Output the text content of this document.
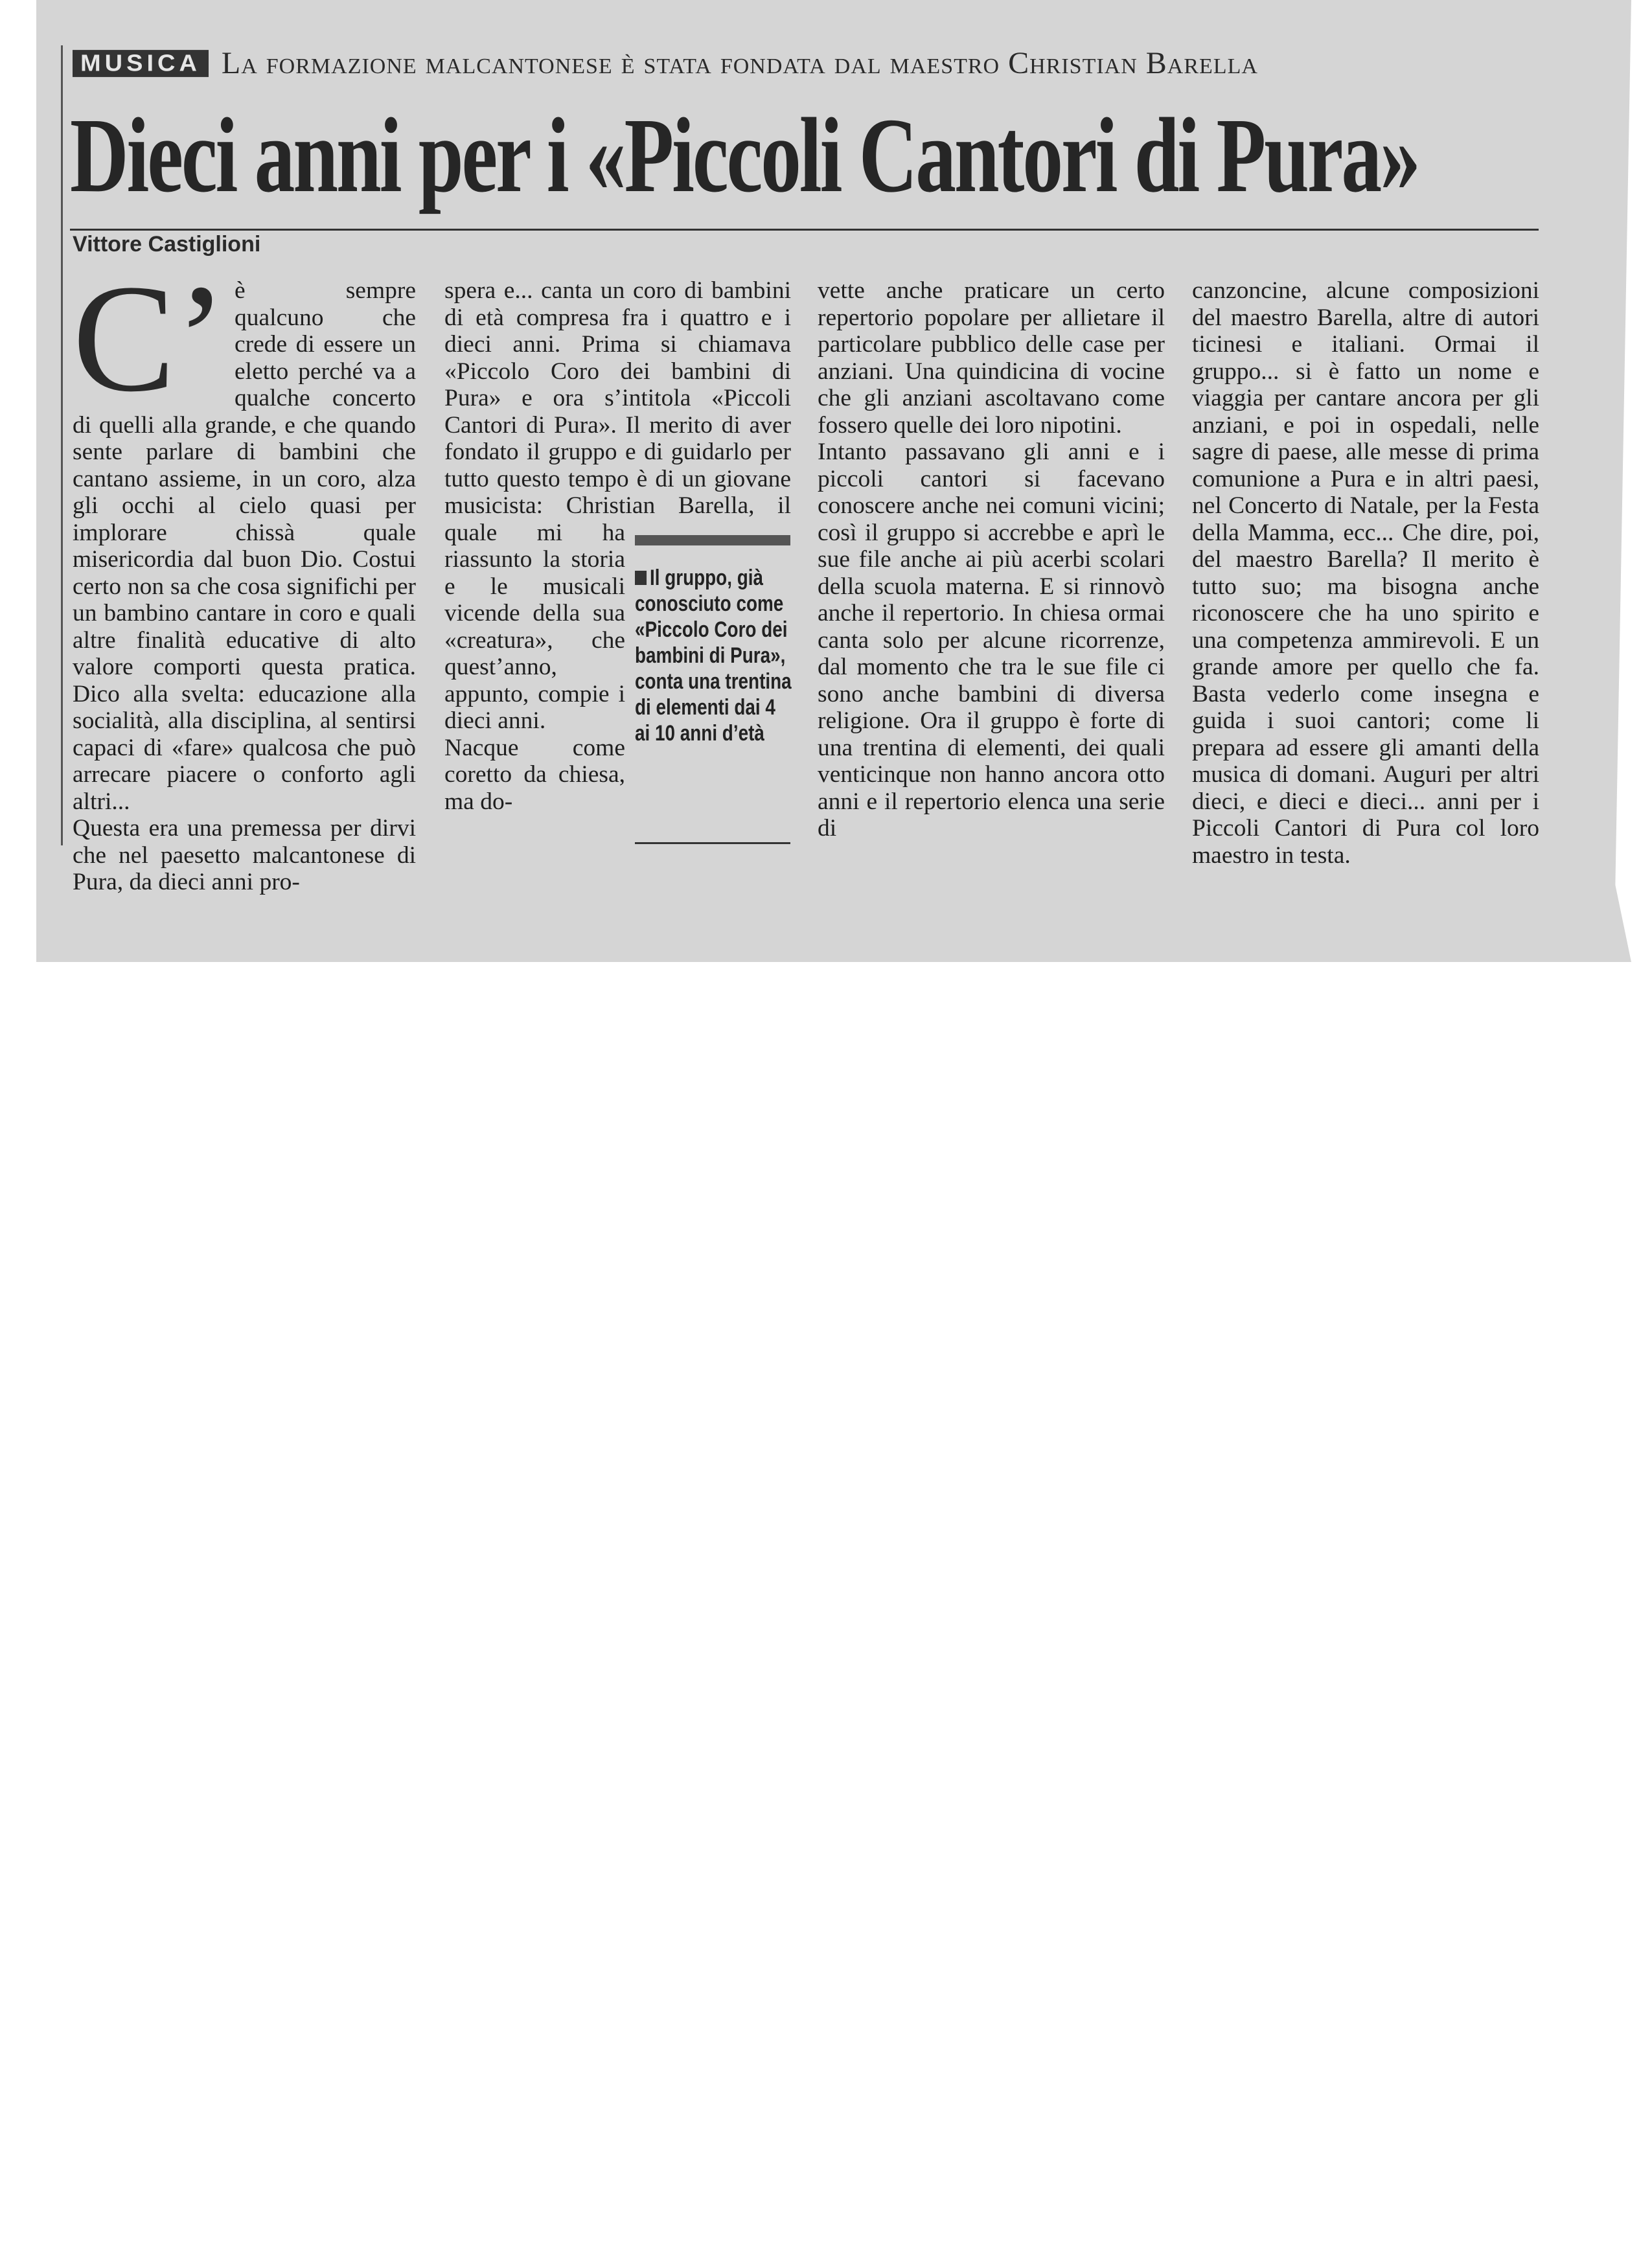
MUSICA La formazione malcantonese è stata fondata dal maestro Christian Barella
Dieci anni per i «Piccoli Cantori di Pura»
Vittore Castiglioni

C’ è sempre qualcuno che crede di essere un eletto perché va a qualche concerto di quelli alla grande, e che quando sente parlare di bambini che cantano assieme, in un coro, alza gli occhi al cielo quasi per implorare chissà quale misericordia dal buon Dio. Costui certo non sa che cosa significhi per un bambino cantare in coro e quali altre finalità educative di alto valore comporti questa pratica. Dico alla svelta: educazione alla socialità, alla disciplina, al sentirsi capaci di «fare» qualcosa che può arrecare piacere o conforto agli altri...

Questa era una premessa per dirvi che nel paesetto malcantonese di Pura, da dieci anni pro-

spera e... canta un coro di bambini di età compresa fra i quattro e i dieci anni. Prima si chiamava «Piccolo Coro dei bambini di Pura» e ora s’intitola «Piccoli Cantori di Pura». Il merito di aver fondato il gruppo e di guidarlo per tutto questo tempo è di un giovane musicista: Christian Barella, il quale mi ha riassunto la storia e le musicali vicende della sua «creatura», che quest’anno, appunto, compie i dieci anni.

Nacque come coretto da chiesa, ma do-

vette anche praticare un certo repertorio popolare per allietare il particolare pubblico delle case per anziani. Una quindicina di vocine che gli anziani ascoltavano come fossero quelle dei loro nipotini.

Intanto passavano gli anni e i piccoli cantori si facevano conoscere anche nei comuni vicini; così il gruppo si accrebbe e aprì le sue file anche ai più acerbi scolari della scuola materna. E si rinnovò anche il repertorio. In chiesa ormai canta solo per alcune ricorrenze, dal momento che tra le sue file ci sono anche bambini di diversa religione. Ora il gruppo è forte di una trentina di elementi, dei quali venticinque non hanno ancora otto anni e il repertorio elenca una serie di

canzoncine, alcune composizioni del maestro Barella, altre di autori ticinesi e italiani. Ormai il gruppo... si è fatto un nome e viaggia per cantare ancora per gli anziani, e poi in ospedali, nelle sagre di paese, alle messe di prima comunione a Pura e in altri paesi, nel Concerto di Natale, per la Festa della Mamma, ecc... Che dire, poi, del maestro Barella? Il merito è tutto suo; ma bisogna anche riconoscere che ha uno spirito e una competenza ammirevoli. E un grande amore per quello che fa. Basta vederlo come insegna e guida i suoi cantori; come li prepara ad essere gli amanti della musica di domani. Auguri per altri dieci, e dieci e dieci... anni per i Piccoli Cantori di Pura col loro maestro in testa.

Il gruppo, già conosciuto come «Piccolo Coro dei bambini di Pura», conta una trentina di elementi dai 4 ai 10 anni d’età
